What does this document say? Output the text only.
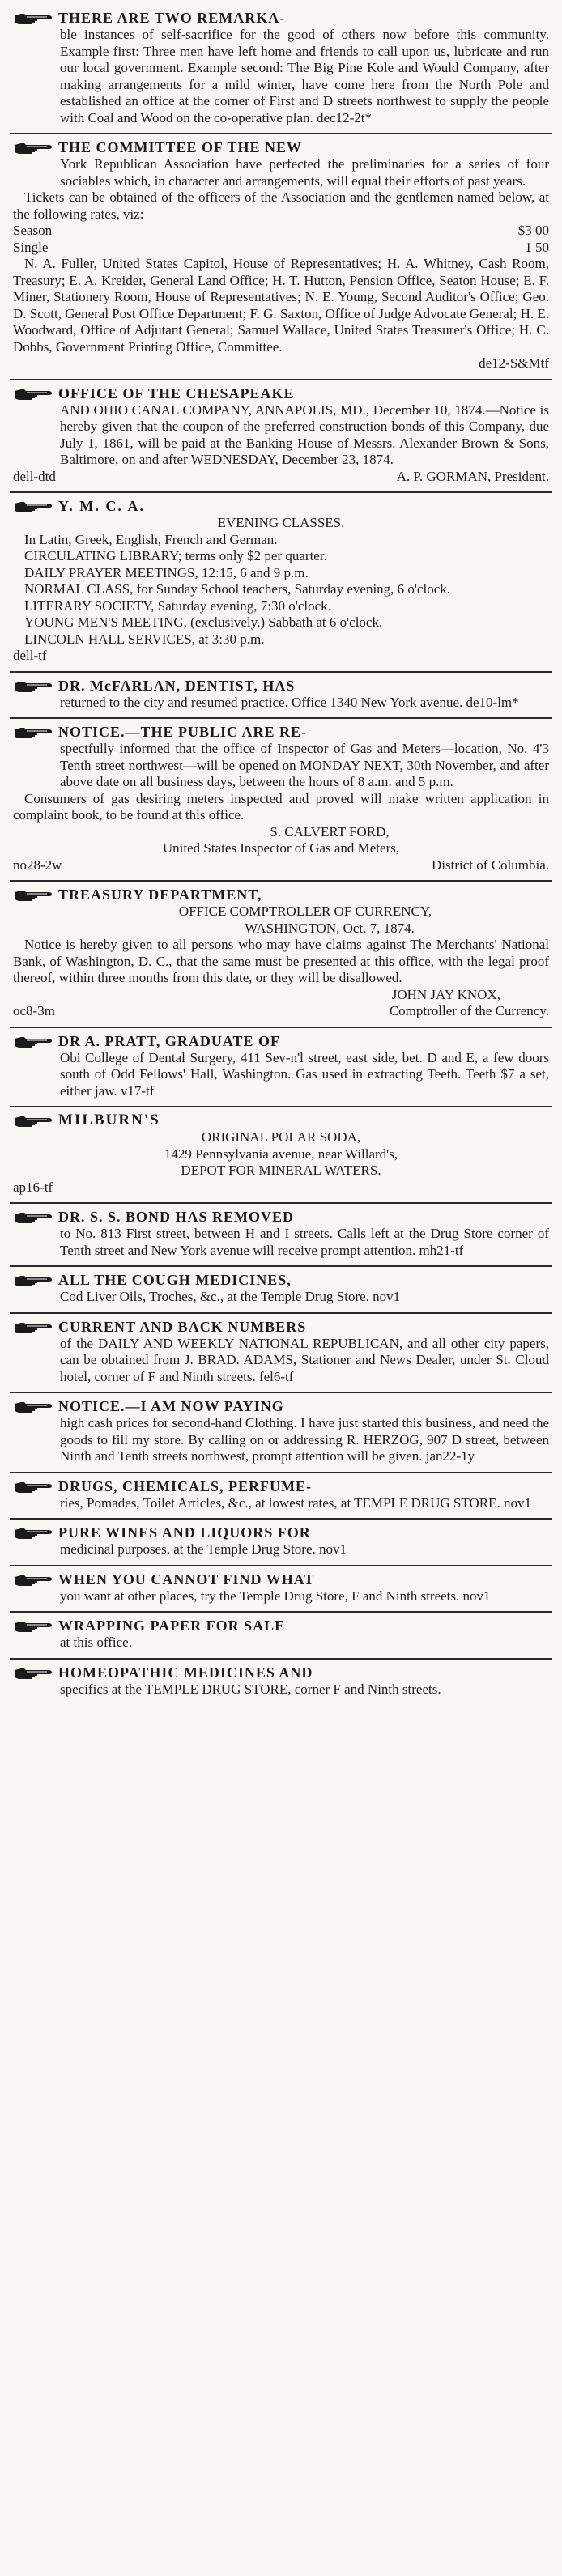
THERE ARE TWO REMARKA-

ble instances of self-sacrifice for the good of others now before this community. Example first: Three men have left home and friends to call upon us, lubricate and run our local government. Example second: The Big Pine Kole and Would Company, after making arrangements for a mild winter, have come here from the North Pole and established an office at the corner of First and D streets northwest to supply the people with Coal and Wood on the co-operative plan. dec12-2t*

THE COMMITTEE OF THE NEW

York Republican Association have perfected the preliminaries for a series of four sociables which, in character and arrangements, will equal their efforts of past years.

Tickets can be obtained of the officers of the Association and the gentlemen named below, at the following rates, viz:

Season	$3 00
Single	1 50

N. A. Fuller, United States Capitol, House of Representatives; H. A. Whitney, Cash Room, Treasury; E. A. Kreider, General Land Office; H. T. Hutton, Pension Office, Seaton House; E. F. Miner, Stationery Room, House of Representatives; N. E. Young, Second Auditor's Office; Geo. D. Scott, General Post Office Department; F. G. Saxton, Office of Judge Advocate General; H. E. Woodward, Office of Adjutant General; Samuel Wallace, United States Treasurer's Office; H. C. Dobbs, Government Printing Office, Committee.

de12-S&Mtf

OFFICE OF THE CHESAPEAKE

AND OHIO CANAL COMPANY, ANNAPOLIS, MD., December 10, 1874.—Notice is hereby given that the coupon of the preferred construction bonds of this Company, due July 1, 1861, will be paid at the Banking House of Messrs. Alexander Brown & Sons, Baltimore, on and after WEDNESDAY, December 23, 1874.

dell-dtd	A. P. GORMAN, President.
Y. M. C. A.

EVENING CLASSES.

In Latin, Greek, English, French and German.

CIRCULATING LIBRARY; terms only $2 per quarter.

DAILY PRAYER MEETINGS, 12:15, 6 and 9 p.m.

NORMAL CLASS, for Sunday School teachers, Saturday evening, 6 o'clock.

LITERARY SOCIETY, Saturday evening, 7:30 o'clock.

YOUNG MEN'S MEETING, (exclusively,) Sabbath at 6 o'clock.

LINCOLN HALL SERVICES, at 3:30 p.m.

dell-tf

DR. McFARLAN, DENTIST, HAS

returned to the city and resumed practice. Office 1340 New York avenue. de10-lm*

NOTICE.—THE PUBLIC ARE RE-

spectfully informed that the office of Inspector of Gas and Meters—location, No. 4'3 Tenth street northwest—will be opened on MONDAY NEXT, 30th November, and after above date on all business days, between the hours of 8 a.m. and 5 p.m.

Consumers of gas desiring meters inspected and proved will make written application in complaint book, to be found at this office.

S. CALVERT FORD,

United States Inspector of Gas and Meters,

no28-2w	District of Columbia.
TREASURY DEPARTMENT,

OFFICE COMPTROLLER OF CURRENCY,

WASHINGTON, Oct. 7, 1874.

Notice is hereby given to all persons who may have claims against The Merchants' National Bank, of Washington, D. C., that the same must be presented at this office, with the legal proof thereof, within three months from this date, or they will be disallowed.

JOHN JAY KNOX,

oc8-3m	Comptroller of the Currency.
DR A. PRATT, GRADUATE OF

Obi College of Dental Surgery, 411 Sev-n'l street, east side, bet. D and E, a few doors south of Odd Fellows' Hall, Washington. Gas used in extracting Teeth. Teeth $7 a set, either jaw. v17-tf

MILBURN'S

ORIGINAL POLAR SODA,

1429 Pennsylvania avenue, near Willard's,

DEPOT FOR MINERAL WATERS.

ap16-tf

DR. S. S. BOND HAS REMOVED

to No. 813 First street, between H and I streets. Calls left at the Drug Store corner of Tenth street and New York avenue will receive prompt attention. mh21-tf

ALL THE COUGH MEDICINES,

Cod Liver Oils, Troches, &c., at the Temple Drug Store. nov1

CURRENT AND BACK NUMBERS

of the DAILY AND WEEKLY NATIONAL REPUBLICAN, and all other city papers, can be obtained from J. BRAD. ADAMS, Stationer and News Dealer, under St. Cloud hotel, corner of F and Ninth streets. fel6-tf

NOTICE.—I AM NOW PAYING

high cash prices for second-hand Clothing. I have just started this business, and need the goods to fill my store. By calling on or addressing R. HERZOG, 907 D street, between Ninth and Tenth streets northwest, prompt attention will be given. jan22-1y

DRUGS, CHEMICALS, PERFUME-

ries, Pomades, Toilet Articles, &c., at lowest rates, at TEMPLE DRUG STORE. nov1

PURE WINES AND LIQUORS FOR

medicinal purposes, at the Temple Drug Store. nov1

WHEN YOU CANNOT FIND WHAT

you want at other places, try the Temple Drug Store, F and Ninth streets. nov1

WRAPPING PAPER FOR SALE

at this office.

HOMEOPATHIC MEDICINES AND

specifics at the TEMPLE DRUG STORE, corner F and Ninth streets.
